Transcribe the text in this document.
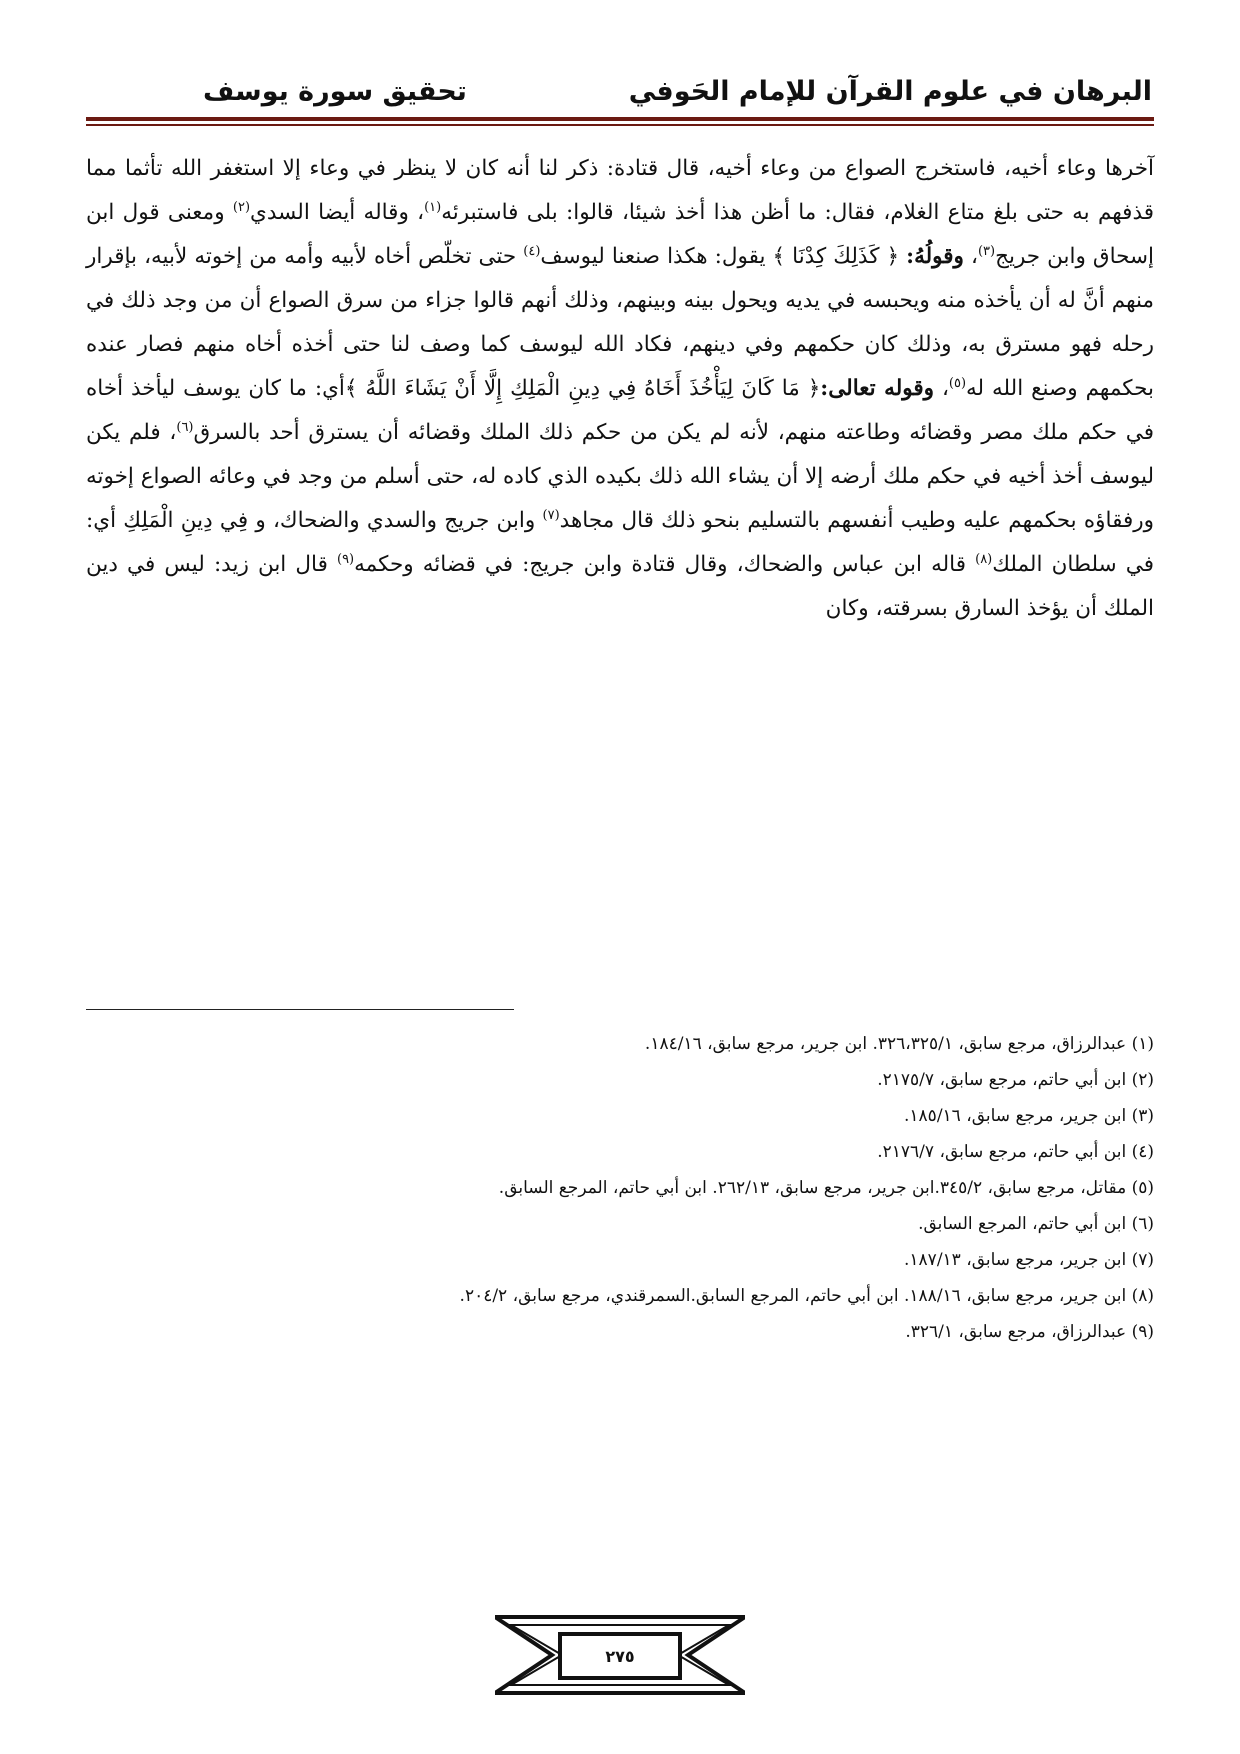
البرهان في علوم القرآن للإمام الحَوفي
تحقيق سورة يوسف

آخرها وعاء أخيه، فاستخرج الصواع من وعاء أخيه، قال قتادة: ذكر لنا أنه كان لا ينظر في وعاء إلا استغفر الله تأثما مما قذفهم به حتى بلغ متاع الغلام، فقال: ما أظن هذا أخذ شيئا، قالوا: بلى فاستبرئه$^{(١)}$، وقاله أيضا السدي$^{(٢)}$ ومعنى قول ابن إسحاق وابن جريج$^{(٣)}$، وقولُهُ: ﴿ كَذَلِكَ كِدْنَا ﴾ يقول: هكذا صنعنا ليوسف$^{(٤)}$ حتى تخلّص أخاه لأبيه وأمه من إخوته لأبيه، بإقرار منهم أنَّ له أن يأخذه منه ويحبسه في يديه ويحول بينه وبينهم، وذلك أنهم قالوا جزاء من سرق الصواع أن من وجد ذلك في رحله فهو مسترق به، وذلك كان حكمهم وفي دينهم، فكاد الله ليوسف كما وصف لنا حتى أخذه أخاه منهم فصار عنده بحكمهم وصنع الله له$^{(٥)}$، وقوله تعالى:﴿ مَا كَانَ لِيَأْخُذَ أَخَاهُ فِي دِينِ الْمَلِكِ إِلَّا أَنْ يَشَاءَ اللَّهُ ﴾أي: ما كان يوسف ليأخذ أخاه في حكم ملك مصر وقضائه وطاعته منهم، لأنه لم يكن من حكم ذلك الملك وقضائه أن يسترق أحد بالسرق$^{(٦)}$، فلم يكن ليوسف أخذ أخيه في حكم ملك أرضه إلا أن يشاء الله ذلك بكيده الذي كاده له، حتى أسلم من وجد في وعائه الصواع إخوته ورفقاؤه بحكمهم عليه وطيب أنفسهم بالتسليم بنحو ذلك قال مجاهد$^{(٧)}$ وابن جريج والسدي والضحاك، و فِي دِينِ الْمَلِكِ أي: في سلطان الملك$^{(٨)}$ قاله ابن عباس والضحاك، وقال قتادة وابن جريج: في قضائه وحكمه$^{(٩)}$ قال ابن زيد: ليس في دين الملك أن يؤخذ السارق بسرقته، وكان

(١) عبدالرزاق، مرجع سابق، ٣٢٦،٣٢٥/١. ابن جرير، مرجع سابق، ١٨٤/١٦.
(٢) ابن أبي حاتم، مرجع سابق، ٢١٧٥/٧.
(٣) ابن جرير، مرجع سابق، ١٨٥/١٦.
(٤) ابن أبي حاتم، مرجع سابق، ٢١٧٦/٧.
(٥) مقاتل، مرجع سابق، ٣٤٥/٢.ابن جرير، مرجع سابق، ٢٦٢/١٣. ابن أبي حاتم، المرجع السابق.
(٦) ابن أبي حاتم، المرجع السابق.
(٧) ابن جرير، مرجع سابق، ١٨٧/١٣.
(٨) ابن جرير، مرجع سابق، ١٨٨/١٦. ابن أبي حاتم، المرجع السابق.السمرقندي، مرجع سابق، ٢٠٤/٢.
(٩) عبدالرزاق، مرجع سابق، ٣٢٦/١.
٢٧٥
